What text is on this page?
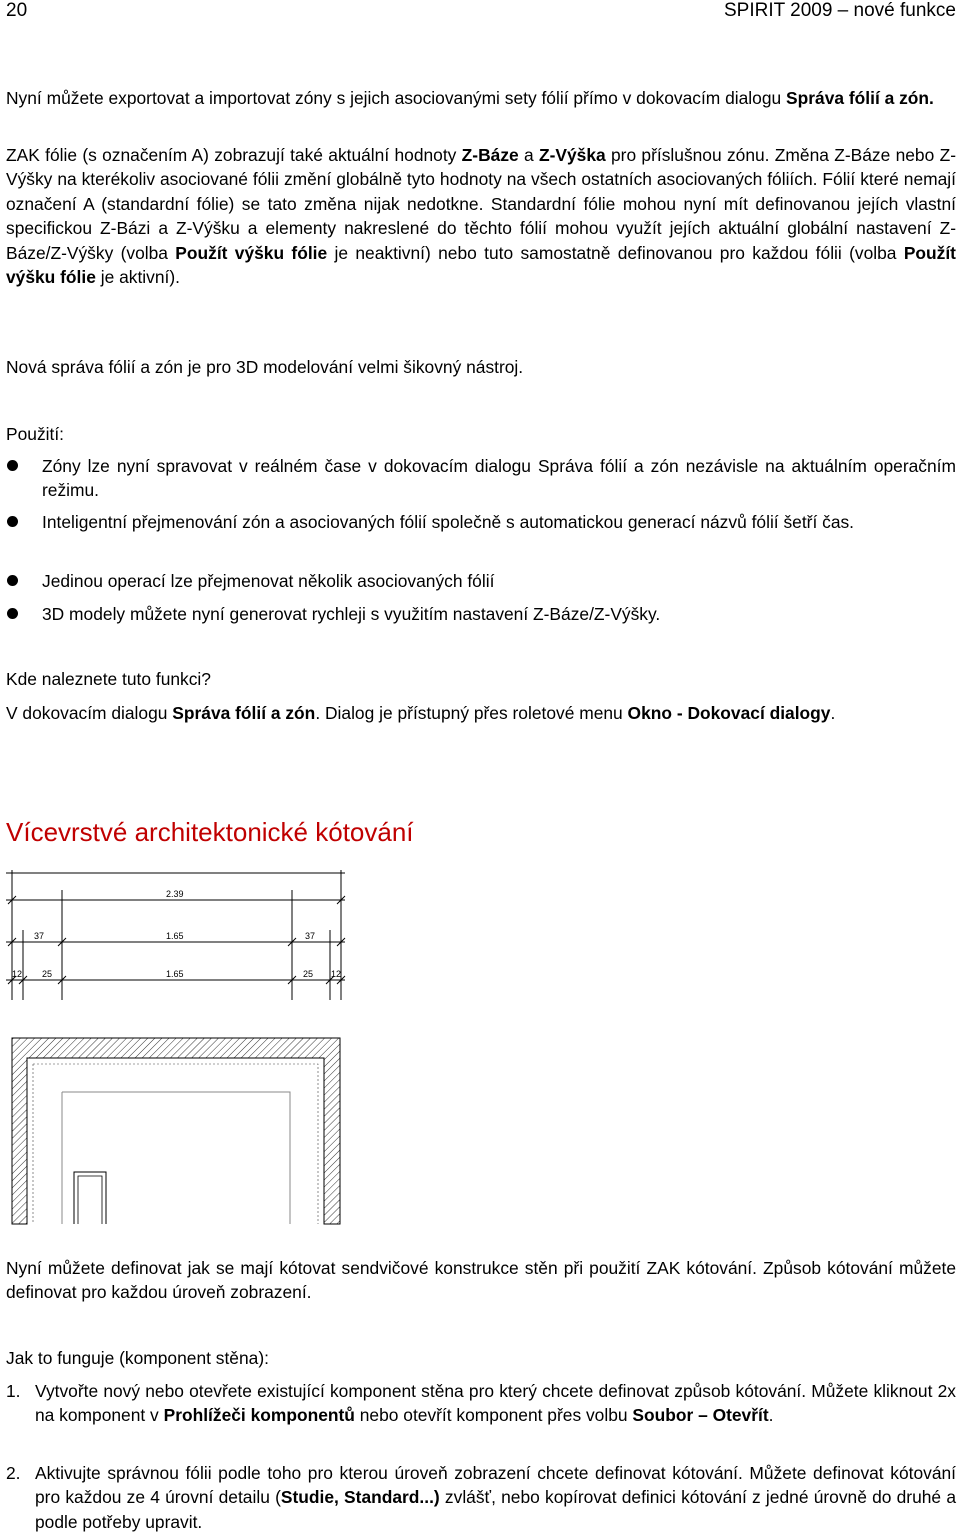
20	SPIRIT 2009 – nové funkce
Nyní můžete exportovat a importovat zóny s jejich asociovanými sety fólií přímo v dokovacím dialogu Správa fólií a zón.
ZAK fólie (s označením A) zobrazují také aktuální hodnoty Z-Báze a Z-Výška pro příslušnou zónu. Změna Z-Báze nebo Z-Výšky na kterékoliv asociované fólii změní globálně tyto hodnoty na všech ostatních asociovaných fóliích. Fólií které nemají označení A (standardní fólie) se tato změna nijak nedotkne. Standardní fólie mohou nyní mít definovanou jejích vlastní specifickou Z-Bázi a Z-Výšku a elementy nakreslené do těchto fólií mohou využít jejích aktuální globální nastavení Z-Báze/Z-Výšky (volba Použít výšku fólie je neaktivní) nebo tuto samostatně definovanou pro každou fólii (volba Použít výšku fólie je aktivní).
Nová správa fólií a zón je pro 3D modelování velmi šikovný nástroj.
Použití:
Zóny lze nyní spravovat v reálném čase v dokovacím dialogu Správa fólií a zón nezávisle na aktuálním operačním režimu.
Inteligentní přejmenování zón a asociovaných fólií společně s automatickou generací názvů fólií šetří čas.
Jedinou operací lze přejmenovat několik asociovaných fólií
3D modely můžete nyní generovat rychleji s využitím nastavení Z-Báze/Z-Výšky.
Kde naleznete tuto funkci?
V dokovacím dialogu Správa fólií a zón. Dialog je přístupný přes roletové menu Okno - Dokovací dialogy.
Vícevrstvé architektonické kótování
2.39
37	1.65	37
12 25	1.65	25 12
Nyní můžete definovat jak se mají kótovat sendvičové konstrukce stěn při použití ZAK kótování. Způsob kótování můžete definovat pro každou úroveň zobrazení.
Jak to funguje (komponent stěna):
1. Vytvořte nový nebo otevřete existující komponent stěna pro který chcete definovat způsob kótování. Můžete kliknout 2x na komponent v Prohlížeči komponentů nebo otevřít komponent přes volbu Soubor – Otevřít.
2. Aktivujte správnou fólii podle toho pro kterou úroveň zobrazení chcete definovat kótování. Můžete definovat kótování pro každou ze 4 úrovní detailu (Studie, Standard...) zvlášť, nebo kopírovat definici kótování z jedné úrovně do druhé a podle potřeby upravit.
